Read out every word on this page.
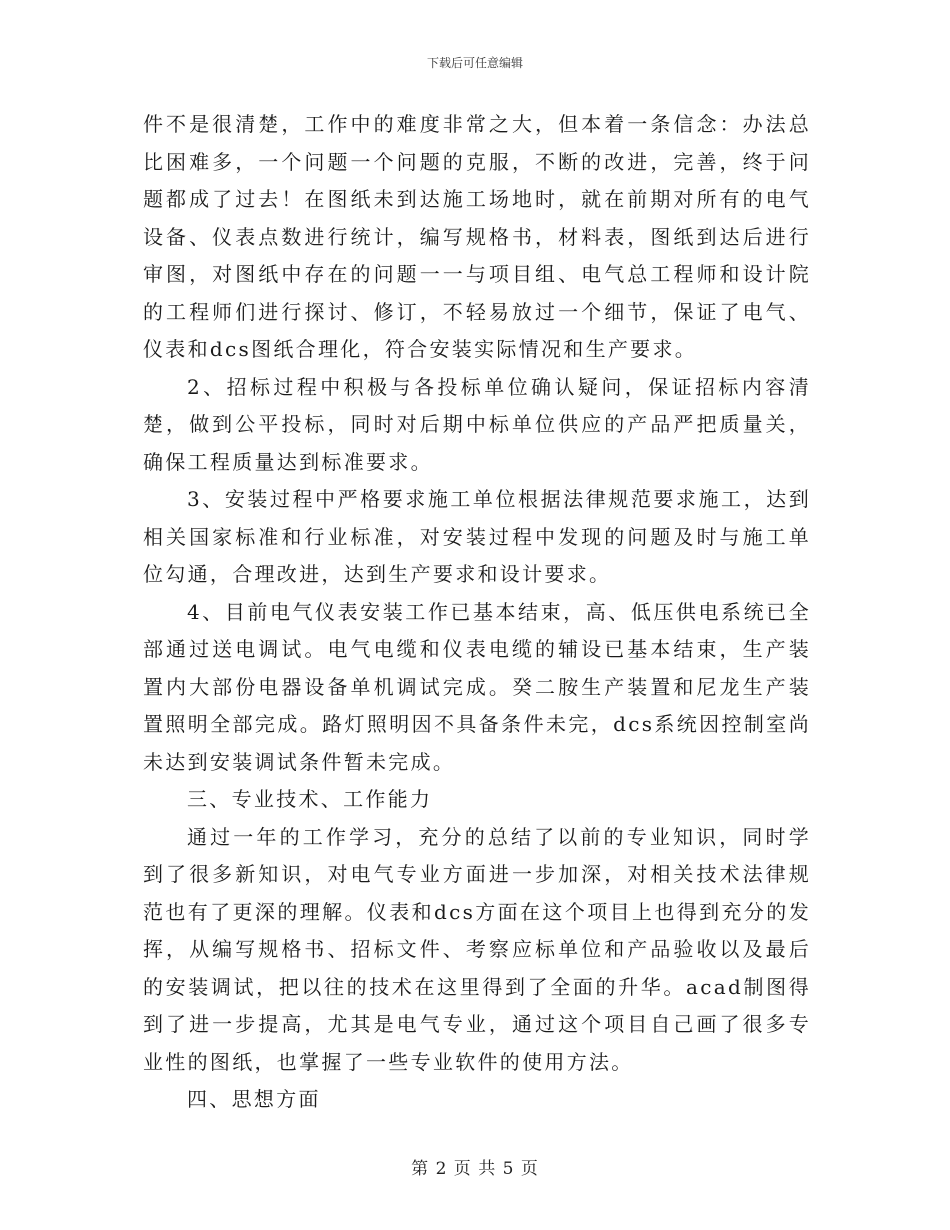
下载后可任意编辑

件不是很清楚，工作中的难度非常之大，但本着一条信念：办法总比困难多，一个问题一个问题的克服，不断的改进，完善，终于问题都成了过去！在图纸未到达施工场地时，就在前期对所有的电气设备、仪表点数进行统计，编写规格书，材料表，图纸到达后进行审图，对图纸中存在的问题一一与项目组、电气总工程师和设计院的工程师们进行探讨、修订，不轻易放过一个细节，保证了电气、仪表和dcs图纸合理化，符合安装实际情况和生产要求。

2、招标过程中积极与各投标单位确认疑问，保证招标内容清楚，做到公平投标，同时对后期中标单位供应的产品严把质量关，确保工程质量达到标准要求。

3、安装过程中严格要求施工单位根据法律规范要求施工，达到相关国家标准和行业标准，对安装过程中发现的问题及时与施工单位勾通，合理改进，达到生产要求和设计要求。

4、目前电气仪表安装工作已基本结束，高、低压供电系统已全部通过送电调试。电气电缆和仪表电缆的辅设已基本结束，生产装置内大部份电器设备单机调试完成。癸二胺生产装置和尼龙生产装置照明全部完成。路灯照明因不具备条件未完，dcs系统因控制室尚未达到安装调试条件暂未完成。

三、专业技术、工作能力

通过一年的工作学习，充分的总结了以前的专业知识，同时学到了很多新知识，对电气专业方面进一步加深，对相关技术法律规范也有了更深的理解。仪表和dcs方面在这个项目上也得到充分的发挥，从编写规格书、招标文件、考察应标单位和产品验收以及最后的安装调试，把以往的技术在这里得到了全面的升华。acad制图得到了进一步提高，尤其是电气专业，通过这个项目自己画了很多专业性的图纸，也掌握了一些专业软件的使用方法。

四、思想方面

第 2 页 共 5 页
